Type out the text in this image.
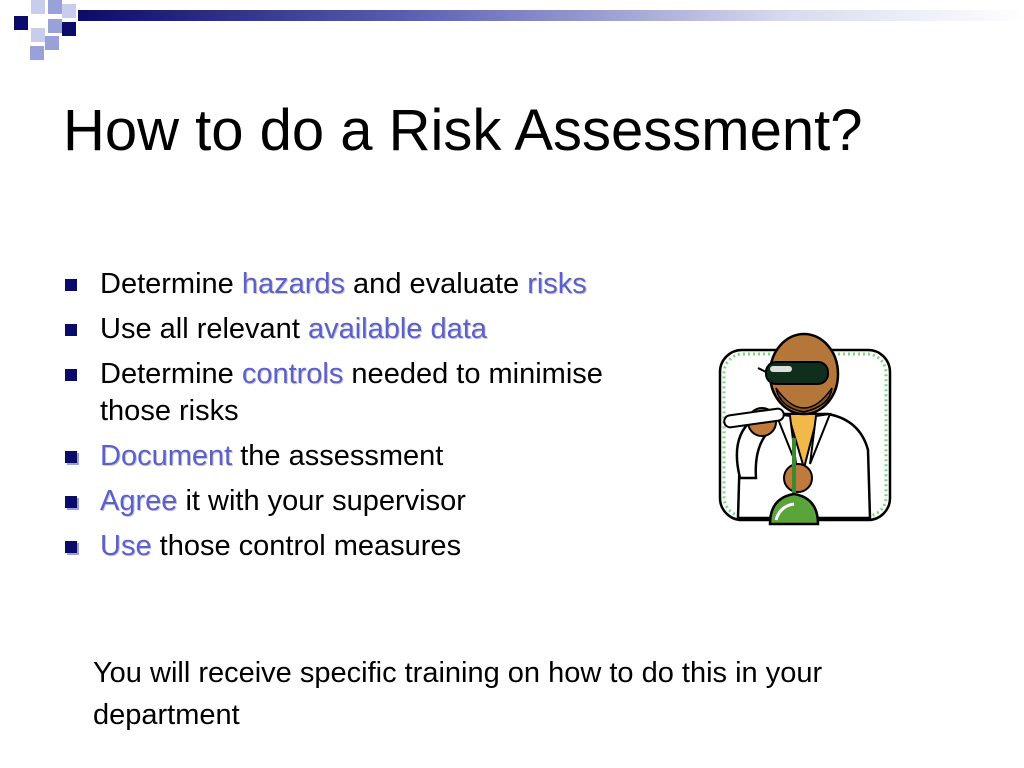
How to do a Risk Assessment?
Determine hazards and evaluate risks
Use all relevant available data
Determine controls needed to minimise those risks
Document the assessment
Agree it with your supervisor
Use those control measures

You will receive specific training on how to do this in your department
